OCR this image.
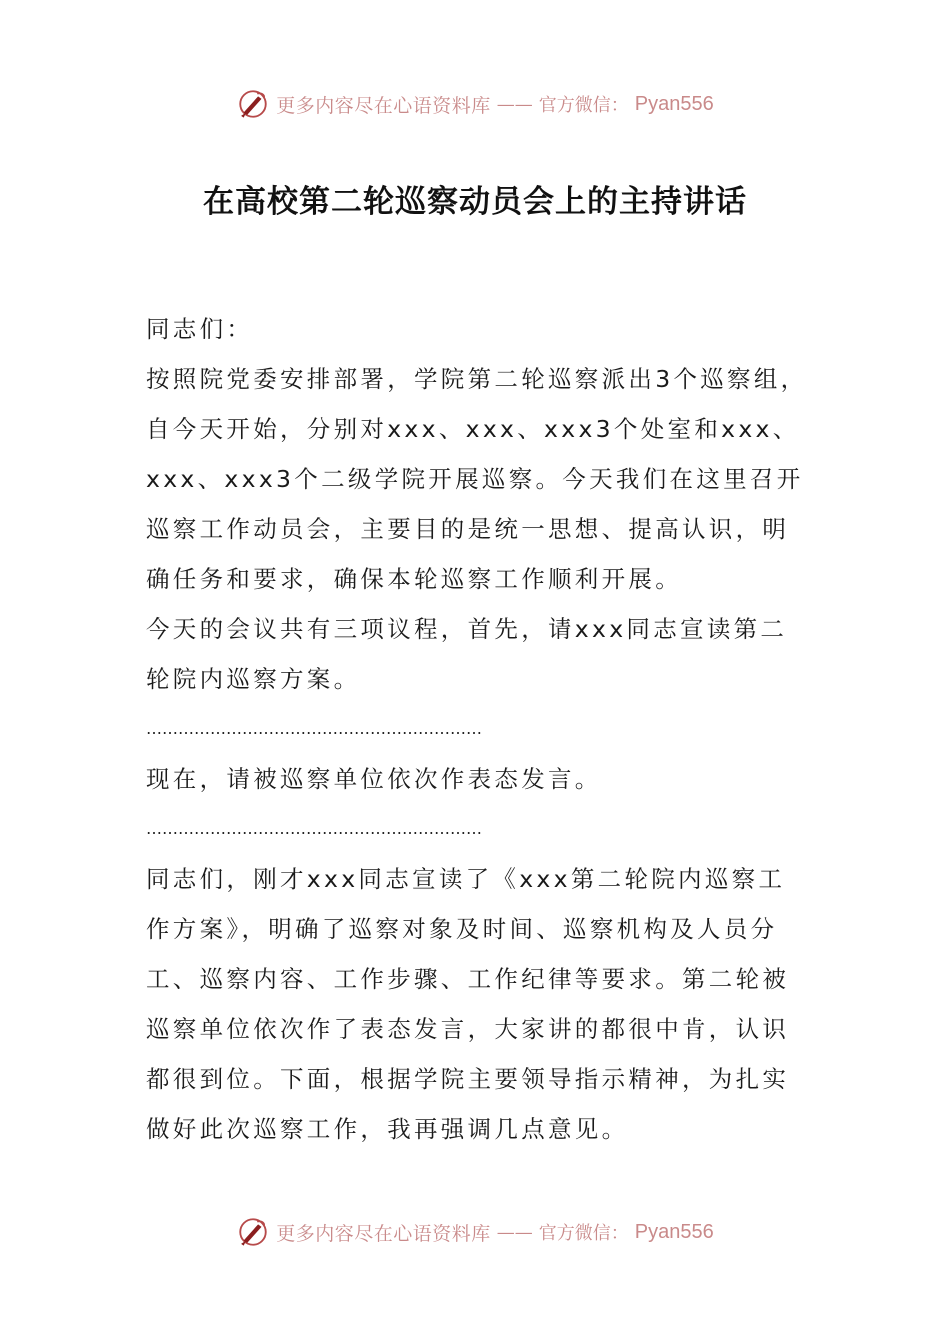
更多内容尽在心语资料库 —— 官方微信： Pyan556
在高校第二轮巡察动员会上的主持讲话

同志们：

按照院党委安排部署，学院第二轮巡察派出3个巡察组，自今天开始，分别对xxx、xxx、xxx3个处室和xxx、xxx、xxx3个二级学院开展巡察。今天我们在这里召开巡察工作动员会，主要目的是统一思想、提高认识，明确任务和要求，确保本轮巡察工作顺利开展。

今天的会议共有三项议程，首先，请xxx同志宣读第二轮院内巡察方案。

………………………………………………………

现在，请被巡察单位依次作表态发言。

………………………………………………………

同志们，刚才xxx同志宣读了《xxx第二轮院内巡察工作方案》，明确了巡察对象及时间、巡察机构及人员分工、巡察内容、工作步骤、工作纪律等要求。第二轮被巡察单位依次作了表态发言，大家讲的都很中肯，认识都很到位。下面，根据学院主要领导指示精神，为扎实做好此次巡察工作，我再强调几点意见。

更多内容尽在心语资料库 —— 官方微信： Pyan556
